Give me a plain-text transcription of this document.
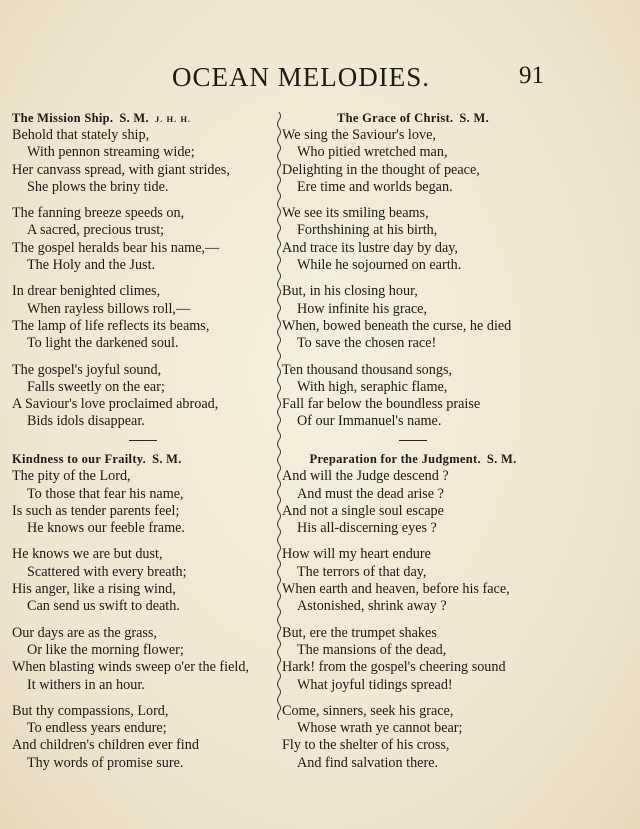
OCEAN MELODIES.	91
The Mission Ship. S. M. J. H. H.
Behold that stately ship,
With pennon streaming wide;
Her canvass spread, with giant strides,
She plows the briny tide.
The fanning breeze speeds on,
A sacred, precious trust;
The gospel heralds bear his name,—
The Holy and the Just.
In drear benighted climes,
When rayless billows roll,—
The lamp of life reflects its beams,
To light the darkened soul.
The gospel's joyful sound,
Falls sweetly on the ear;
A Saviour's love proclaimed abroad,
Bids idols disappear.
Kindness to our Frailty. S. M.
The pity of the Lord,
To those that fear his name,
Is such as tender parents feel;
He knows our feeble frame.
He knows we are but dust,
Scattered with every breath;
His anger, like a rising wind,
Can send us swift to death.
Our days are as the grass,
Or like the morning flower;
When blasting winds sweep o'er the field,
It withers in an hour.
But thy compassions, Lord,
To endless years endure;
And children's children ever find
Thy words of promise sure.
The Grace of Christ. S. M.
We sing the Saviour's love,
Who pitied wretched man,
Delighting in the thought of peace,
Ere time and worlds began.
We see its smiling beams,
Forthshining at his birth,
And trace its lustre day by day,
While he sojourned on earth.
But, in his closing hour,
How infinite his grace,
When, bowed beneath the curse, he died
To save the chosen race!
Ten thousand thousand songs,
With high, seraphic flame,
Fall far below the boundless praise
Of our Immanuel's name.
Preparation for the Judgment. S. M.
And will the Judge descend ?
And must the dead arise ?
And not a single soul escape
His all-discerning eyes ?
How will my heart endure
The terrors of that day,
When earth and heaven, before his face,
Astonished, shrink away ?
But, ere the trumpet shakes
The mansions of the dead,
Hark! from the gospel's cheering sound
What joyful tidings spread!
Come, sinners, seek his grace,
Whose wrath ye cannot bear;
Fly to the shelter of his cross,
And find salvation there.
